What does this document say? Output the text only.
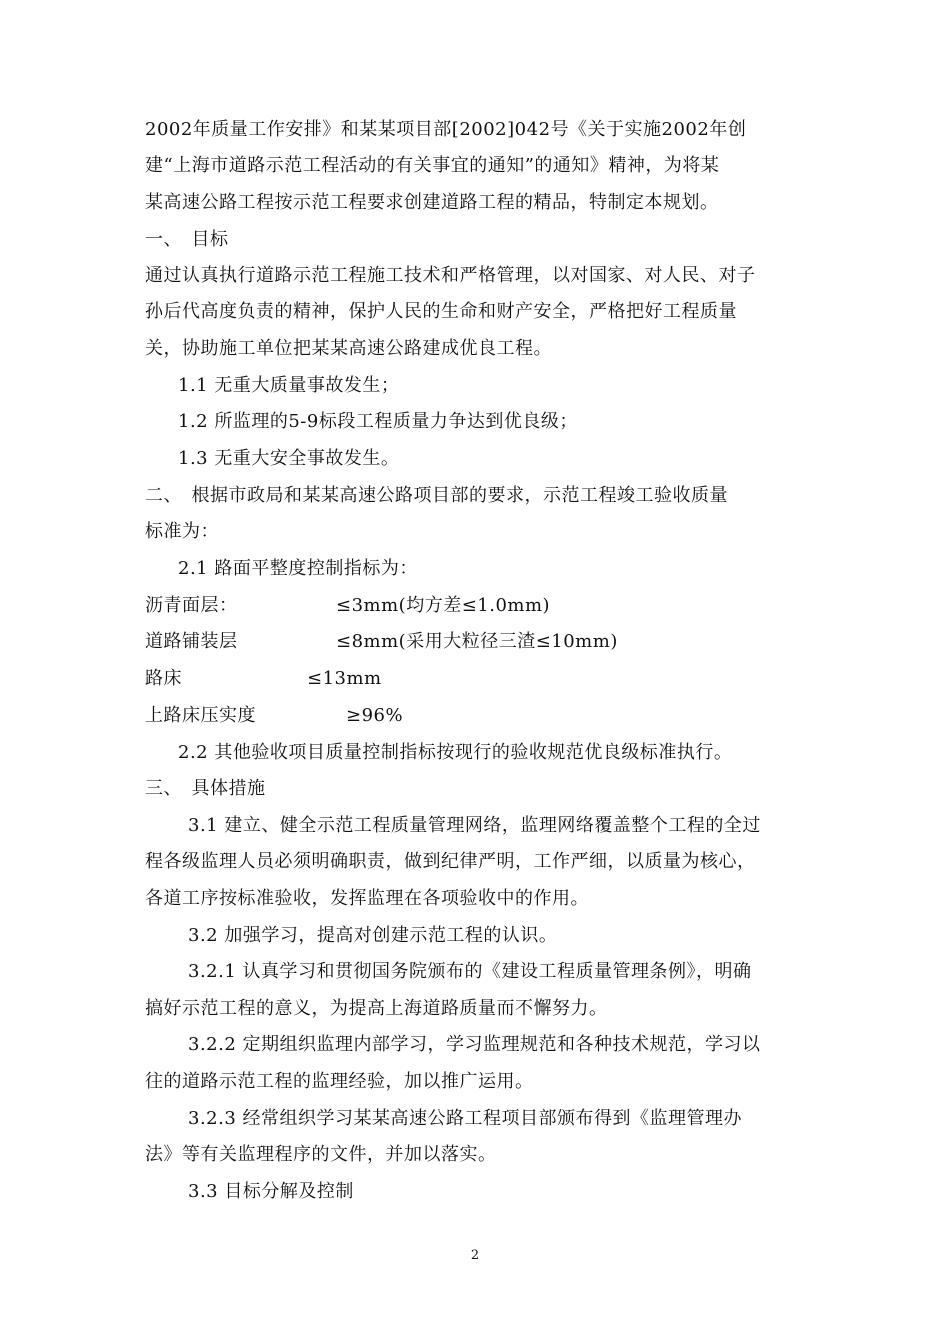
2002年质量工作安排》和某某项目部[2002]042号《关于实施2002年创
建“上海市道路示范工程活动的有关事宜的通知”的通知》精神，为将某
某高速公路工程按示范工程要求创建道路工程的精品，特制定本规划。
一、　目标
通过认真执行道路示范工程施工技术和严格管理，以对国家、对人民、对子
孙后代高度负责的精神，保护人民的生命和财产安全，严格把好工程质量
关，协助施工单位把某某高速公路建成优良工程。
1.1 无重大质量事故发生；
1.2 所监理的5-9标段工程质量力争达到优良级；
1.3 无重大安全事故发生。
二、　根据市政局和某某高速公路项目部的要求，示范工程竣工验收质量
标准为：
2.1 路面平整度控制指标为：
沥青面层：	≤3mm(均方差≤1.0mm)
道路铺装层	≤8mm(采用大粒径三渣≤10mm)
路床	≤13mm
上路床压实度	≥96%
2.2 其他验收项目质量控制指标按现行的验收规范优良级标准执行。
三、　具体措施
3.1 建立、健全示范工程质量管理网络，监理网络覆盖整个工程的全过
程各级监理人员必须明确职责，做到纪律严明，工作严细，以质量为核心，
各道工序按标准验收，发挥监理在各项验收中的作用。
3.2 加强学习，提高对创建示范工程的认识。
3.2.1 认真学习和贯彻国务院颁布的《建设工程质量管理条例》，明确
搞好示范工程的意义，为提高上海道路质量而不懈努力。
3.2.2 定期组织监理内部学习，学习监理规范和各种技术规范，学习以
往的道路示范工程的监理经验，加以推广运用。
3.2.3 经常组织学习某某高速公路工程项目部颁布得到《监理管理办
法》等有关监理程序的文件，并加以落实。
3.3 目标分解及控制
2
